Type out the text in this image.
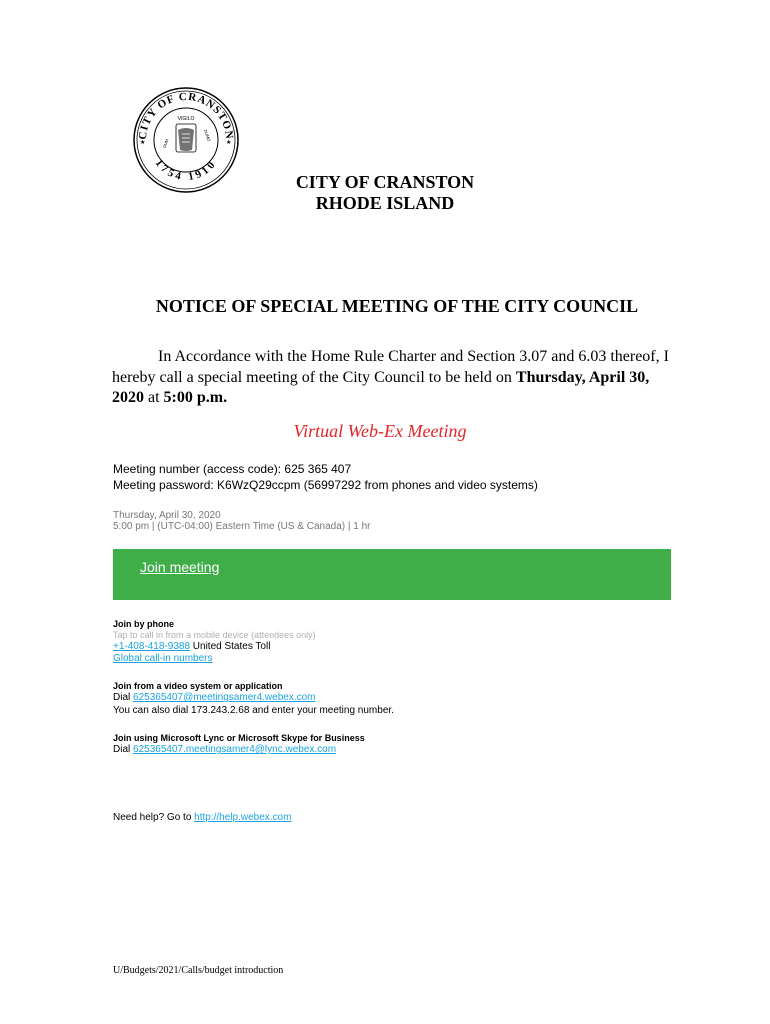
CITY OF CRANSTON
1754 1910
VIGILO
DUM
DUMO
★	★
CITY OF CRANSTON
RHODE ISLAND
NOTICE OF SPECIAL MEETING OF THE CITY COUNCIL
In Accordance with the Home Rule Charter and Section 3.07 and 6.03 thereof, I hereby call a special meeting of the City Council to be held on Thursday, April 30, 2020 at 5:00 p.m.
Virtual Web-Ex Meeting
Meeting number (access code): 625 365 407
Meeting password: K6WzQ29ccpm (56997292 from phones and video systems)
Thursday, April 30, 2020
5:00 pm | (UTC-04:00) Eastern Time (US & Canada) | 1 hr
Join meeting
Join by phone
Tap to call in from a mobile device (attendees only)
+1-408-418-9388 United States Toll
Global call-in numbers
Join from a video system or application
Dial 625365407@meetingsamer4.webex.com
You can also dial 173.243.2.68 and enter your meeting number.
Join using Microsoft Lync or Microsoft Skype for Business
Dial 625365407.meetingsamer4@lync.webex.com
Need help? Go to http://help.webex.com
U/Budgets/2021/Calls/budget introduction
